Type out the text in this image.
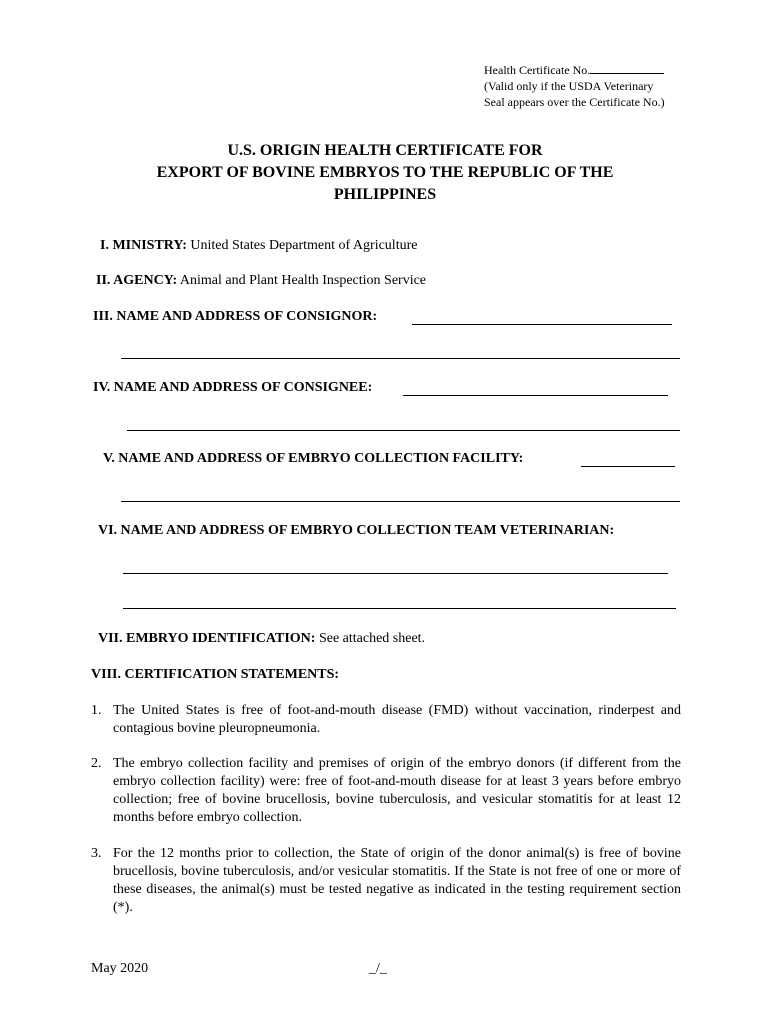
Health Certificate No.
(Valid only if the USDA Veterinary
Seal appears over the Certificate No.)
U.S. ORIGIN HEALTH CERTIFICATE FOR
EXPORT OF BOVINE EMBRYOS TO THE REPUBLIC OF THE
PHILIPPINES
I. MINISTRY: United States Department of Agriculture
II. AGENCY: Animal and Plant Health Inspection Service
III. NAME AND ADDRESS OF CONSIGNOR:
IV. NAME AND ADDRESS OF CONSIGNEE:
V. NAME AND ADDRESS OF EMBRYO COLLECTION FACILITY:
VI. NAME AND ADDRESS OF EMBRYO COLLECTION TEAM VETERINARIAN:
VII. EMBRYO IDENTIFICATION: See attached sheet.
VIII. CERTIFICATION STATEMENTS:
1. The United States is free of foot-and-mouth disease (FMD) without vaccination, rinderpest and contagious bovine pleuropneumonia.
2. The embryo collection facility and premises of origin of the embryo donors (if different from the embryo collection facility) were: free of foot-and-mouth disease for at least 3 years before embryo collection; free of bovine brucellosis, bovine tuberculosis, and vesicular stomatitis for at least 12 months before embryo collection.
3. For the 12 months prior to collection, the State of origin of the donor animal(s) is free of bovine brucellosis, bovine tuberculosis, and/or vesicular stomatitis. If the State is not free of one or more of these diseases, the animal(s) must be tested negative as indicated in the testing requirement section (*).
May 2020	_/_
